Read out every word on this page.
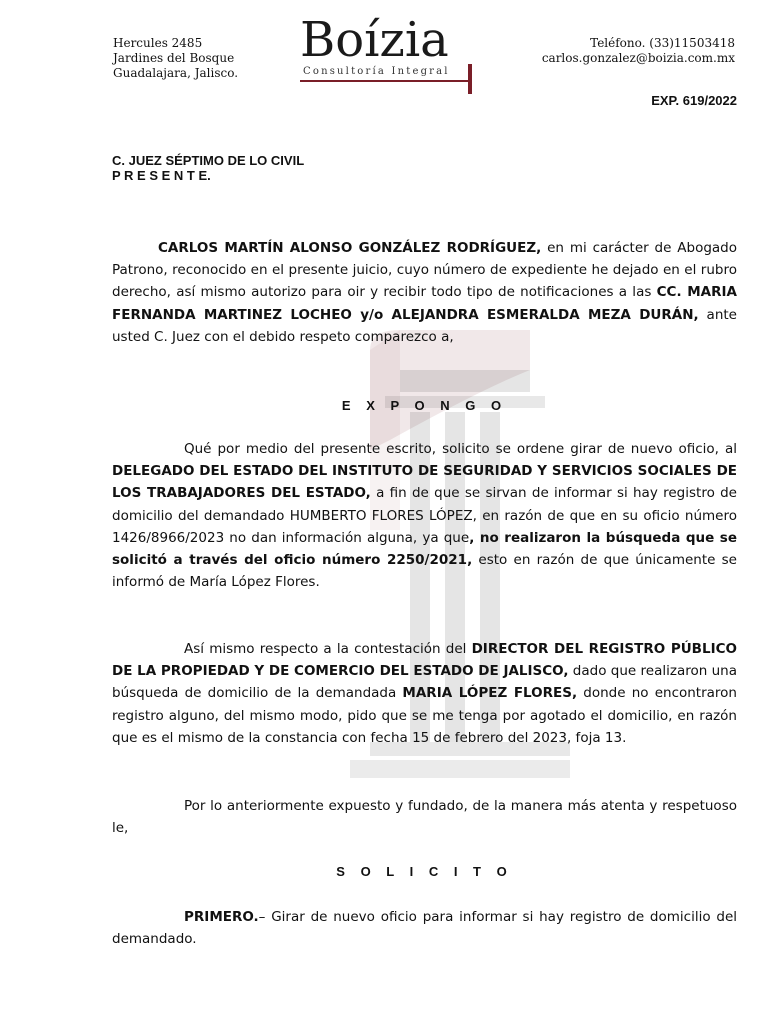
Hercules 2485
Jardines del Bosque
Guadalajara, Jalisco.
Boízia
Consultoría Integral
Teléfono. (33)11503418
carlos.gonzalez@boizia.com.mx
EXP. 619/2022
C. JUEZ SÉPTIMO DE LO CIVIL
P R E S E N T E.
CARLOS MARTÍN ALONSO GONZÁLEZ RODRÍGUEZ, en mi carácter de Abogado Patrono, reconocido en el presente juicio, cuyo número de expediente he dejado en el rubro derecho, así mismo autorizo para oir y recibir todo tipo de notificaciones a las CC. MARIA FERNANDA MARTINEZ LOCHEO y/o ALEJANDRA ESMERALDA MEZA DURÁN, ante usted C. Juez con el debido respeto comparezco a,
E X P O N G O
Qué por medio del presente escrito, solicito se ordene girar de nuevo oficio, al DELEGADO DEL ESTADO DEL INSTITUTO DE SEGURIDAD Y SERVICIOS SOCIALES DE LOS TRABAJADORES DEL ESTADO, a fin de que se sirvan de informar si hay registro de domicilio del demandado HUMBERTO FLORES LÓPEZ, en razón de que en su oficio número 1426/8966/2023 no dan información alguna, ya que, no realizaron la búsqueda que se solicitó a través del oficio número 2250/2021, esto en razón de que únicamente se informó de María López Flores.
Así mismo respecto a la contestación del DIRECTOR DEL REGISTRO PÚBLICO DE LA PROPIEDAD Y DE COMERCIO DEL ESTADO DE JALISCO, dado que realizaron una búsqueda de domicilio de la demandada MARIA LÓPEZ FLORES, donde no encontraron registro alguno, del mismo modo, pido que se me tenga por agotado el domicilio, en razón que es el mismo de la constancia con fecha 15 de febrero del 2023, foja 13.
Por lo anteriormente expuesto y fundado, de la manera más atenta y respetuoso le,
S O L I C I T O
PRIMERO.– Girar de nuevo oficio para informar si hay registro de domicilio del demandado.
